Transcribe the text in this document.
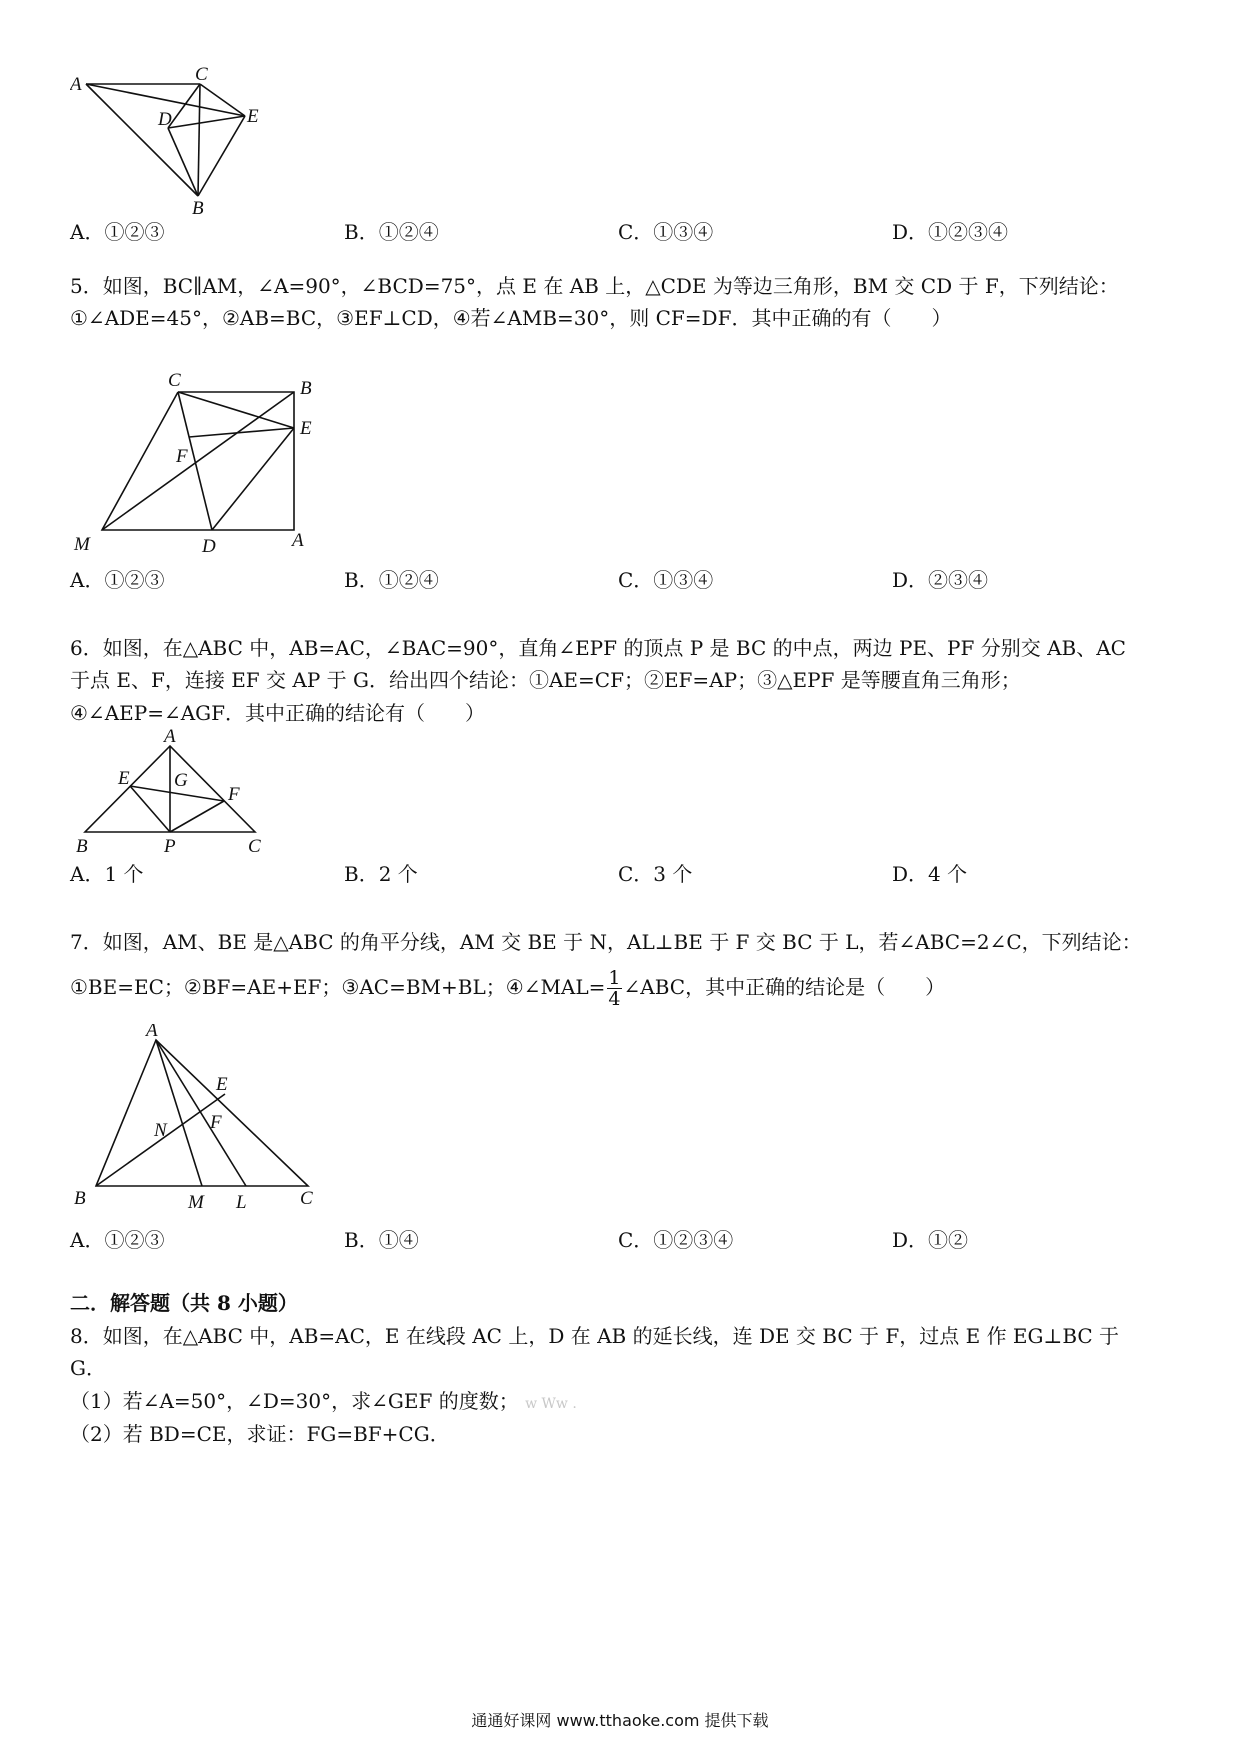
A	C
D	E
B
A．①②③	B．①②④	C．①③④	D．①②③④
5．如图，BC∥AM，∠A=90°，∠BCD=75°，点 E 在 AB 上，△CDE 为等边三角形，BM 交 CD 于 F，下列结论：
①∠ADE=45°，②AB=BC，③EF⊥CD，④若∠AMB=30°，则 CF=DF．其中正确的有（　　）
C	B
E
F
M	D	A
A．①②③	B．①②④	C．①③④	D．②③④
6．如图，在△ABC 中，AB=AC，∠BAC=90°，直角∠EPF 的顶点 P 是 BC 的中点，两边 PE、PF 分别交 AB、AC
于点 E、F，连接 EF 交 AP 于 G．给出四个结论：①AE=CF；②EF=AP；③△EPF 是等腰直角三角形；
④∠AEP=∠AGF．其中正确的结论有（　　）
A
E G
F
B	P	C
A．1 个	B．2 个	C．3 个	D．4 个
7．如图，AM、BE 是△ABC 的角平分线，AM 交 BE 于 N，AL⊥BE 于 F 交 BC 于 L，若∠ABC=2∠C，下列结论：
①BE=EC；②BF=AE+EF；③AC=BM+BL；④∠MAL= $\frac{1}{4}$ ∠ABC，其中正确的结论是（　　）
A
E
N F
B	M L	C
A．①②③	B．①④	C．①②③④	D．①②
二．解答题（共 8 小题）
8．如图，在△ABC 中，AB=AC，E 在线段 AC 上，D 在 AB 的延长线，连 DE 交 BC 于 F，过点 E 作 EG⊥BC 于
G．
（1）若∠A=50°，∠D=30°，求∠GEF 的度数； w Ww .
（2）若 BD=CE，求证：FG=BF+CG．
通通好课网 www.tthaoke.com 提供下载
